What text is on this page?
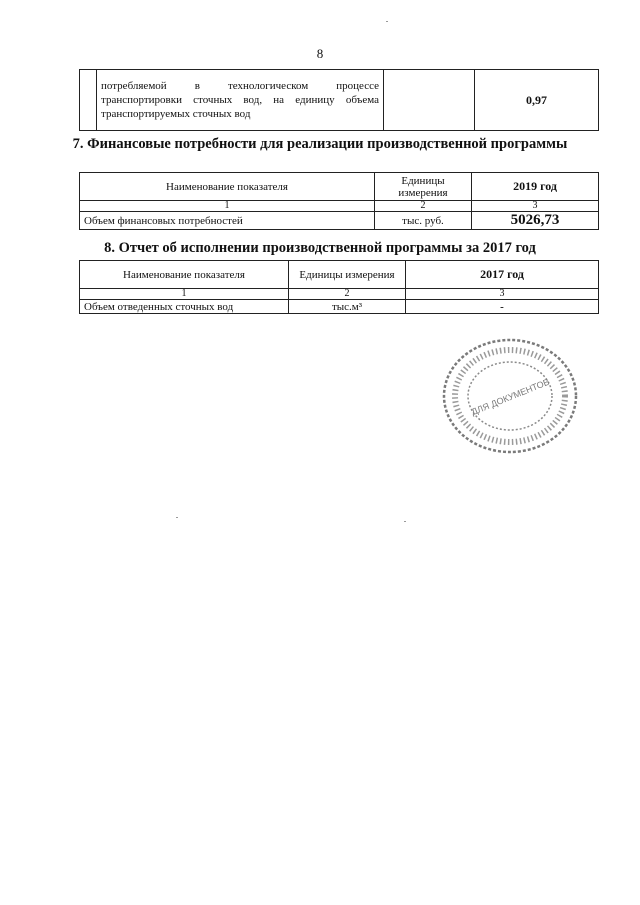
8
	потребляемой в технологическом процессе транспортировки сточных вод, на единицу объема транспортируемых сточных вод		0,97
7. Финансовые потребности для реализации производственной программы
Наименование показателя	Единицы измерения	2019 год
1	2	3
Объем финансовых потребностей	тыс. руб.	5026,73
8. Отчет об исполнении производственной программы за 2017 год
Наименование показателя	Единицы измерения	2017 год
1	2	3
Объем отведенных сточных вод	тыс.м³	-
ДЛЯ ДОКУМЕНТОВ
